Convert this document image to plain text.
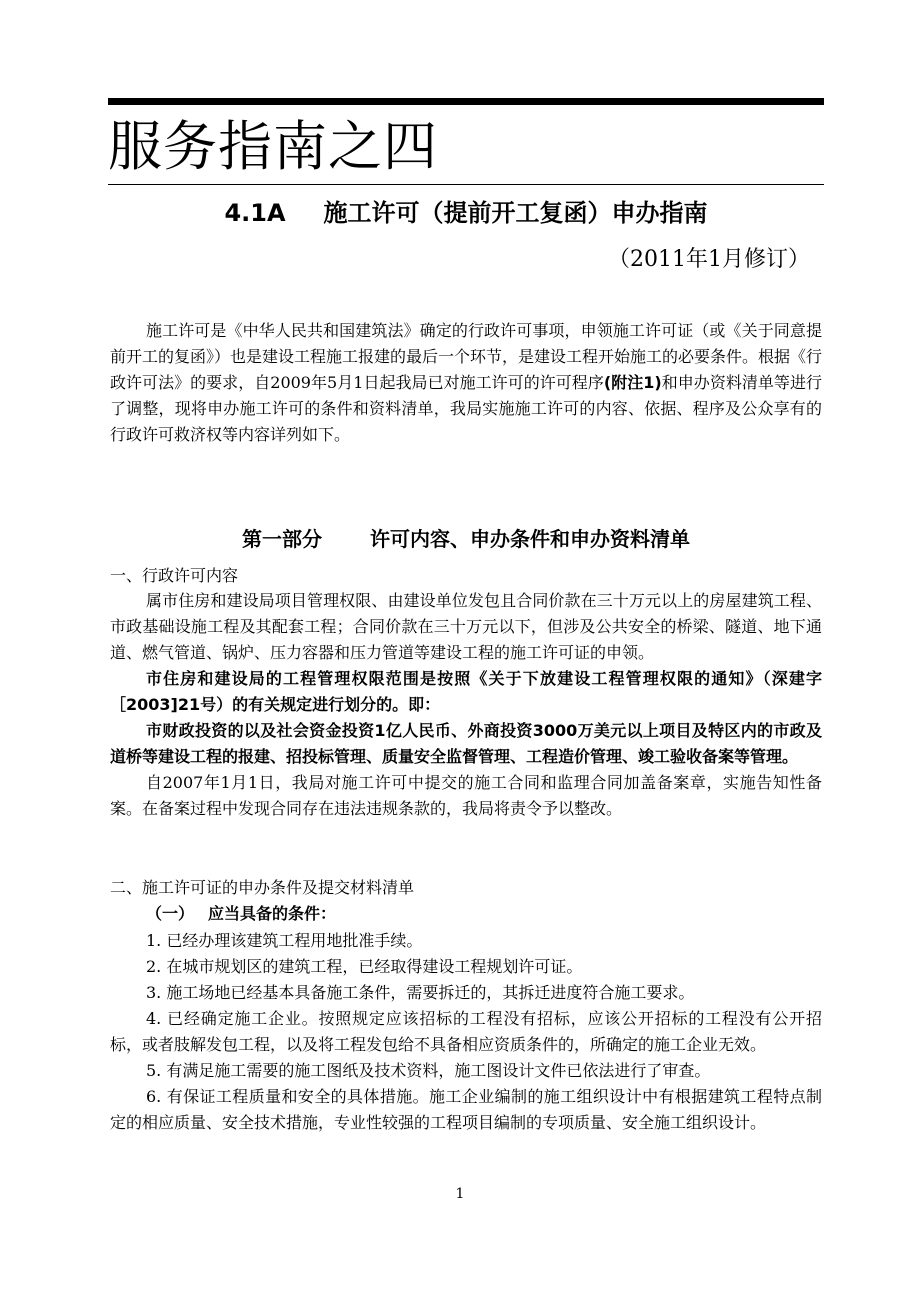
服务指南之四
4.1A 施工许可（提前开工复函）申办指南

（2011年1月修订）

施工许可是《中华人民共和国建筑法》确定的行政许可事项，申领施工许可证（或《关于同意提前开工的复函》）也是建设工程施工报建的最后一个环节，是建设工程开始施工的必要条件。根据《行政许可法》的要求，自2009年5月1日起我局已对施工许可的许可程序(附注1)和申办资料清单等进行了调整，现将申办施工许可的条件和资料清单，我局实施施工许可的内容、依据、程序及公众享有的行政许可救济权等内容详列如下。

第一部分 许可内容、申办条件和申办资料清单
一、行政许可内容

属市住房和建设局项目管理权限、由建设单位发包且合同价款在三十万元以上的房屋建筑工程、市政基础设施工程及其配套工程；合同价款在三十万元以下，但涉及公共安全的桥梁、隧道、地下通道、燃气管道、锅炉、压力容器和压力管道等建设工程的施工许可证的申领。

市住房和建设局的工程管理权限范围是按照《关于下放建设工程管理权限的通知》（深建字［2003]21号）的有关规定进行划分的。即：

市财政投资的以及社会资金投资1亿人民币、外商投资3000万美元以上项目及特区内的市政及道桥等建设工程的报建、招投标管理、质量安全监督管理、工程造价管理、竣工验收备案等管理。

自2007年1月1日，我局对施工许可中提交的施工合同和监理合同加盖备案章，实施告知性备案。在备案过程中发现合同存在违法违规条款的，我局将责令予以整改。

二、施工许可证的申办条件及提交材料清单

（一） 应当具备的条件：

1. 已经办理该建筑工程用地批准手续。

2. 在城市规划区的建筑工程，已经取得建设工程规划许可证。

3. 施工场地已经基本具备施工条件，需要拆迁的，其拆迁进度符合施工要求。

4. 已经确定施工企业。按照规定应该招标的工程没有招标，应该公开招标的工程没有公开招标，或者肢解发包工程，以及将工程发包给不具备相应资质条件的，所确定的施工企业无效。

5. 有满足施工需要的施工图纸及技术资料，施工图设计文件已依法进行了审查。

6. 有保证工程质量和安全的具体措施。施工企业编制的施工组织设计中有根据建筑工程特点制定的相应质量、安全技术措施，专业性较强的工程项目编制的专项质量、安全施工组织设计。

1
